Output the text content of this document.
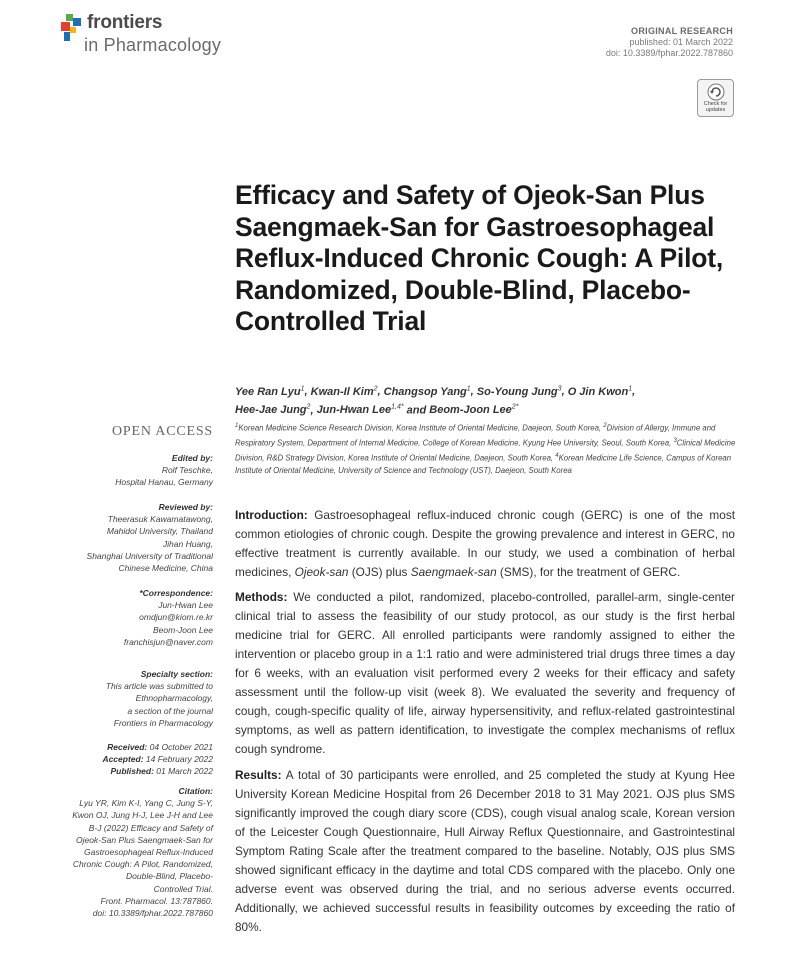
frontiers
in Pharmacology
ORIGINAL RESEARCH
published: 01 March 2022
doi: 10.3389/fphar.2022.787860
Check for updates
Efficacy and Safety of Ojeok-San Plus Saengmaek-San for Gastroesophageal Reflux-Induced Chronic Cough: A Pilot, Randomized, Double-Blind, Placebo-Controlled Trial
Yee Ran Lyu$^1$, Kwan-Il Kim$^2$, Changsop Yang$^1$, So-Young Jung$^3$, O Jin Kwon$^1$,
Hee-Jae Jung$^2$, Jun-Hwan Lee$^{1,4*}$ and Beom-Joon Lee$^{2*}$
$^1$Korean Medicine Science Research Division, Korea Institute of Oriental Medicine, Daejeon, South Korea, $^2$Division of Allergy, Immune and Respiratory System, Department of Internal Medicine, College of Korean Medicine, Kyung Hee University, Seoul, South Korea, $^3$Clinical Medicine Division, R&D Strategy Division, Korea Institute of Oriental Medicine, Daejeon, South Korea, $^4$Korean Medicine Life Science, Campus of Korean Institute of Oriental Medicine, University of Science and Technology (UST), Daejeon, South Korea
OPEN ACCESS
Edited by:
Rolf Teschke,
Hospital Hanau, Germany
Reviewed by:
Theerasuk Kawamatawong,
Mahidol University, Thailand
Jihan Huang,
Shanghai University of Traditional
Chinese Medicine, China
*Correspondence:
Jun-Hwan Lee
omdjun@kiom.re.kr
Beom-Joon Lee
franchisjun@naver.com
Specialty section:
This article was submitted to
Ethnopharmacology,
a section of the journal
Frontiers in Pharmacology
Received: 04 October 2021
Accepted: 14 February 2022
Published: 01 March 2022
Citation:
Lyu YR, Kim K-I, Yang C, Jung S-Y,
Kwon OJ, Jung H-J, Lee J-H and Lee
B-J (2022) Efficacy and Safety of
Ojeok-San Plus Saengmaek-San for
Gastroesophageal Reflux-Induced
Chronic Cough: A Pilot, Randomized,
Double-Blind, Placebo-
Controlled Trial.
Front. Pharmacol. 13:787860.
doi: 10.3389/fphar.2022.787860

Introduction: Gastroesophageal reflux-induced chronic cough (GERC) is one of the most common etiologies of chronic cough. Despite the growing prevalence and interest in GERC, no effective treatment is currently available. In our study, we used a combination of herbal medicines, Ojeok-san (OJS) plus Saengmaek-san (SMS), for the treatment of GERC.

Methods: We conducted a pilot, randomized, placebo-controlled, parallel-arm, single-center clinical trial to assess the feasibility of our study protocol, as our study is the first herbal medicine trial for GERC. All enrolled participants were randomly assigned to either the intervention or placebo group in a 1:1 ratio and were administered trial drugs three times a day for 6 weeks, with an evaluation visit performed every 2 weeks for their efficacy and safety assessment until the follow-up visit (week 8). We evaluated the severity and frequency of cough, cough-specific quality of life, airway hypersensitivity, and reflux-related gastrointestinal symptoms, as well as pattern identification, to investigate the complex mechanisms of reflux cough syndrome.

Results: A total of 30 participants were enrolled, and 25 completed the study at Kyung Hee University Korean Medicine Hospital from 26 December 2018 to 31 May 2021. OJS plus SMS significantly improved the cough diary score (CDS), cough visual analog scale, Korean version of the Leicester Cough Questionnaire, Hull Airway Reflux Questionnaire, and Gastrointestinal Symptom Rating Scale after the treatment compared to the baseline. Notably, OJS plus SMS showed significant efficacy in the daytime and total CDS compared with the placebo. Only one adverse event was observed during the trial, and no serious adverse events occurred. Additionally, we achieved successful results in feasibility outcomes by exceeding the ratio of 80%.
